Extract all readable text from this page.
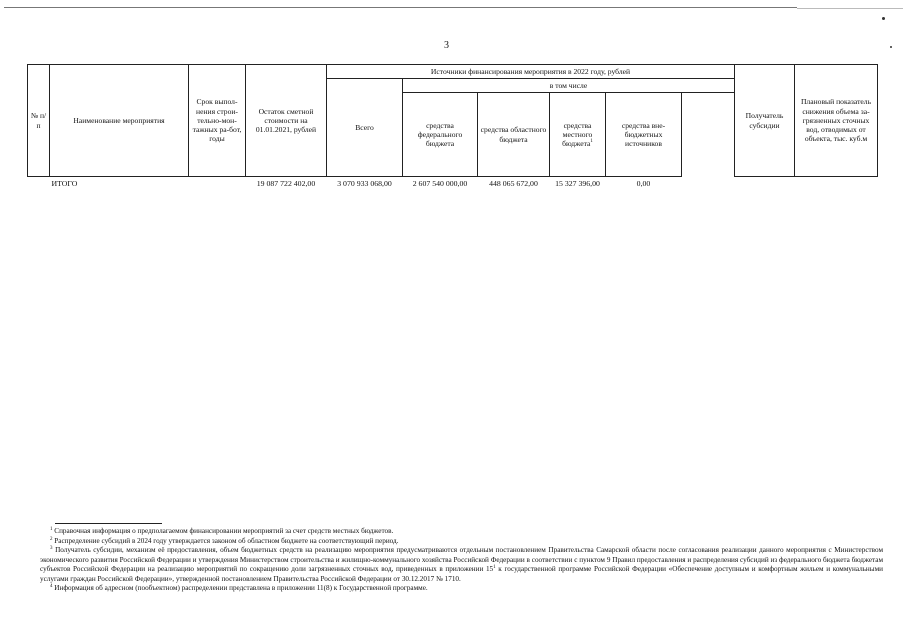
3
№ п/п	Наименование мероприятия	Срок выпол-нения строи-тельно-мон-тажных ра-бот, годы	Остаток сметной стоимости на 01.01.2021, рублей	Источники финансирования мероприятия в 2022 году, рублей						Получатель субсидии	Плановый показатель снижения объема за-грязненных сточных вод, отводимых от объекта, тыс. куб.м	
				Всего	в том числе							
					средства федерального бюджета	средства областного бюджета	средства местного бюджета$^1$	средства вне-бюджетных источников				
	ИТОГО		19 087 722 402,00	3 070 933 068,00	2 607 540 000,00	448 065 672,00	15 327 396,00	0,00				

$^1$ Справочная информация о предполагаемом финансировании мероприятий за счет средств местных бюджетов.

$^2$ Распределение субсидий в 2024 году утверждается законом об областном бюджете на соответствующий период.

$^3$ Получатель субсидии, механизм её предоставления, объем бюджетных средств на реализацию мероприятия предусматриваются отдельным постановлением Правительства Самарской области после согласования реализации данного мероприятия с Министерством экономического развития Российской Федерации и утверждения Министерством строительства и жилищно-коммунального хозяйства Российской Федерации в соответствии с пунктом 9 Правил предоставления и распределения субсидий из федерального бюджета бюджетам субъектов Российской Федерации на реализацию мероприятий по сокращению доли загрязненных сточных вод, приведенных в приложении $15^1$ к государственной программе Российской Федерации «Обеспечение доступным и комфортным жильем и коммунальными услугами граждан Российской Федерации», утвержденной постановлением Правительства Российской Федерации от 30.12.2017 № 1710.

$^4$ Информация об адресном (пообъектном) распределении представлена в приложении 11(8) к Государственной программе.
